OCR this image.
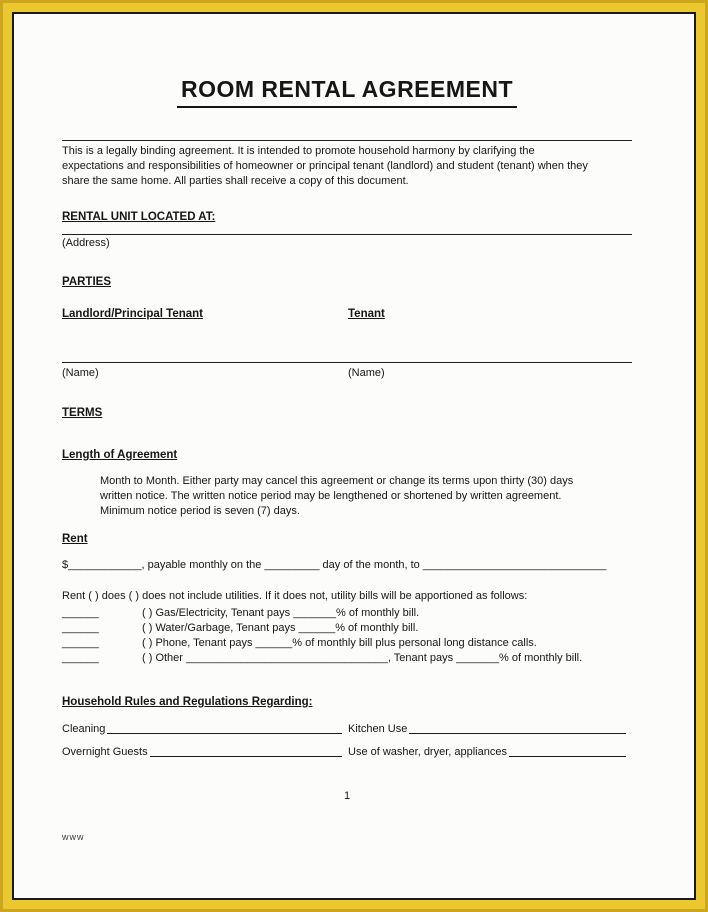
ROOM RENTAL AGREEMENT

This is a legally binding agreement. It is intended to promote household harmony by clarifying the

expectations and responsibilities of homeowner or principal tenant (landlord) and student (tenant) when they

share the same home. All parties shall receive a copy of this document.

RENTAL UNIT LOCATED AT:

(Address)

PARTIES

Landlord/Principal Tenant	Tenant
(Name)	(Name)

TERMS

Length of Agreement

Month to Month. Either party may cancel this agreement or change its terms upon thirty (30) days

written notice. The written notice period may be lengthened or shortened by written agreement.

Minimum notice period is seven (7) days.

Rent

$____________, payable monthly on the _________ day of the month, to ______________________________

Rent ( ) does ( ) does not include utilities. If it does not, utility bills will be apportioned as follows:

______	( ) Gas/Electricity, Tenant pays _______% of monthly bill.
______	( ) Water/Garbage, Tenant pays ______% of monthly bill.
______	( ) Phone, Tenant pays ______% of monthly bill plus personal long distance calls.
______	( ) Other _________________________________, Tenant pays _______% of monthly bill.

Household Rules and Regulations Regarding:

Cleaning	Kitchen Use
Overnight Guests	Use of washer, dryer, appliances
1
www
